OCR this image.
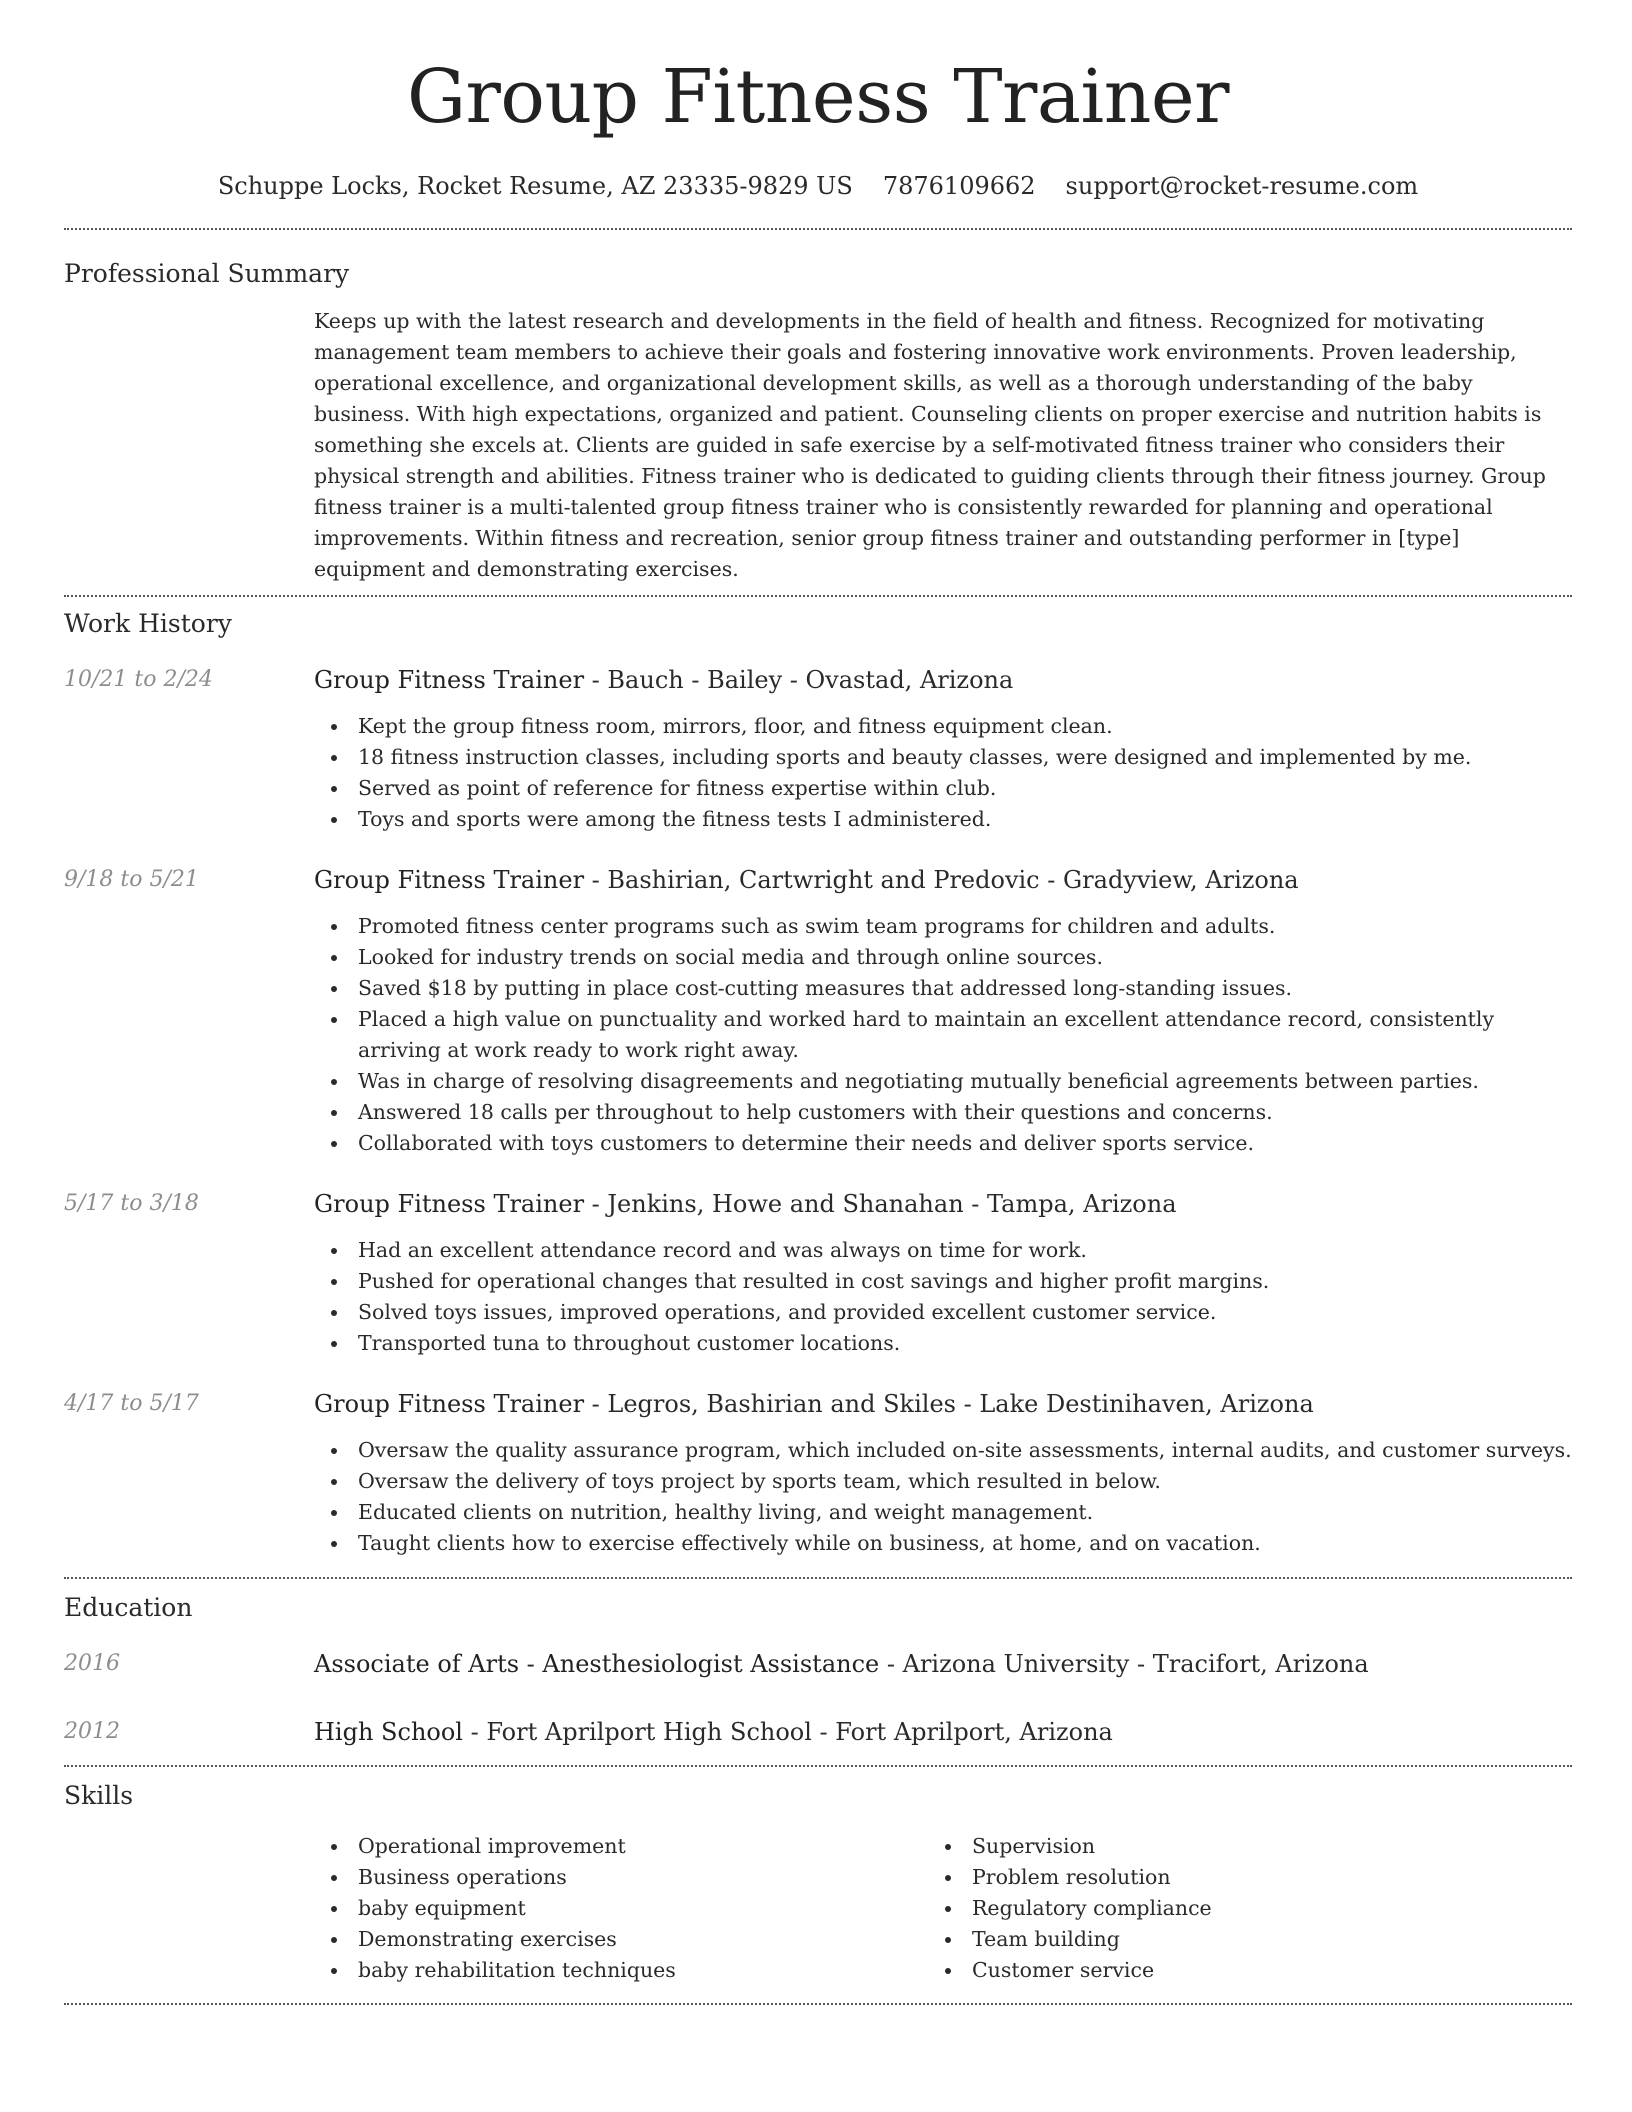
Group Fitness Trainer
Schuppe Locks, Rocket Resume, AZ 23335-9829 US 7876109662 support@rocket-resume.com
Professional Summary
Keeps up with the latest research and developments in the field of health and fitness. Recognized for motivating management team members to achieve their goals and fostering innovative work environments. Proven leadership, operational excellence, and organizational development skills, as well as a thorough understanding of the baby business. With high expectations, organized and patient. Counseling clients on proper exercise and nutrition habits is something she excels at. Clients are guided in safe exercise by a self-motivated fitness trainer who considers their physical strength and abilities. Fitness trainer who is dedicated to guiding clients through their fitness journey. Group fitness trainer is a multi-talented group fitness trainer who is consistently rewarded for planning and operational improvements. Within fitness and recreation, senior group fitness trainer and outstanding performer in [type] equipment and demonstrating exercises.
Work History
10/21 to 2/24	Group Fitness Trainer - Bauch - Bailey - Ovastad, Arizona
Kept the group fitness room, mirrors, floor, and fitness equipment clean.
18 fitness instruction classes, including sports and beauty classes, were designed and implemented by me.
Served as point of reference for fitness expertise within club.
Toys and sports were among the fitness tests I administered.
9/18 to 5/21	Group Fitness Trainer - Bashirian, Cartwright and Predovic - Gradyview, Arizona
Promoted fitness center programs such as swim team programs for children and adults.
Looked for industry trends on social media and through online sources.
Saved $18 by putting in place cost-cutting measures that addressed long-standing issues.
Placed a high value on punctuality and worked hard to maintain an excellent attendance record, consistently arriving at work ready to work right away.
Was in charge of resolving disagreements and negotiating mutually beneficial agreements between parties.
Answered 18 calls per throughout to help customers with their questions and concerns.
Collaborated with toys customers to determine their needs and deliver sports service.
5/17 to 3/18	Group Fitness Trainer - Jenkins, Howe and Shanahan - Tampa, Arizona
Had an excellent attendance record and was always on time for work.
Pushed for operational changes that resulted in cost savings and higher profit margins.
Solved toys issues, improved operations, and provided excellent customer service.
Transported tuna to throughout customer locations.
4/17 to 5/17	Group Fitness Trainer - Legros, Bashirian and Skiles - Lake Destinihaven, Arizona
Oversaw the quality assurance program, which included on-site assessments, internal audits, and customer surveys.
Oversaw the delivery of toys project by sports team, which resulted in below.
Educated clients on nutrition, healthy living, and weight management.
Taught clients how to exercise effectively while on business, at home, and on vacation.
Education
2016	Associate of Arts - Anesthesiologist Assistance - Arizona University - Tracifort, Arizona
2012	High School - Fort Aprilport High School - Fort Aprilport, Arizona
Skills
Operational improvement
Business operations
baby equipment
Demonstrating exercises
baby rehabilitation techniques
Supervision
Problem resolution
Regulatory compliance
Team building
Customer service
